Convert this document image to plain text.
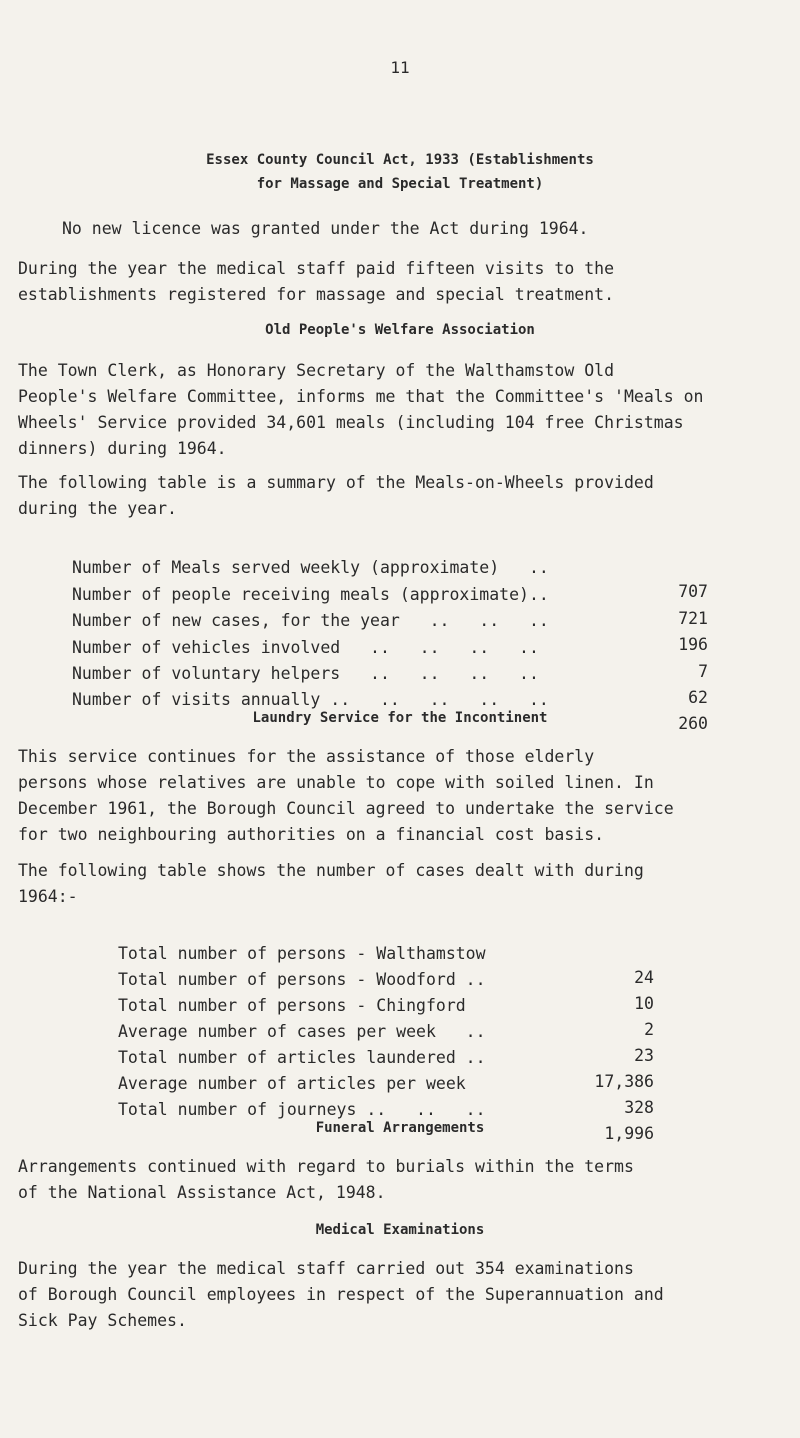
11
Essex County Council Act, 1933 (Establishments
for Massage and Special Treatment)
No new licence was granted under the Act during 1964.
During the year the medical staff paid fifteen visits to the
establishments registered for massage and special treatment.
Old People's Welfare Association
The Town Clerk, as Honorary Secretary of the Walthamstow Old
People's Welfare Committee, informs me that the Committee's 'Meals on
Wheels' Service provided 34,601 meals (including 104 free Christmas
dinners) during 1964.
The following table is a summary of the Meals-on-Wheels provided
during the year.

Number of Meals served weekly (approximate)   ..

707

Number of people receiving meals (approximate)..

721

Number of new cases, for the year   ..   ..   ..

196

Number of vehicles involved   ..   ..   ..   ..

7

Number of voluntary helpers   ..   ..   ..   ..

62

Number of visits annually ..   ..   ..   ..   ..

260

Laundry Service for the Incontinent
This service continues for the assistance of those elderly
persons whose relatives are unable to cope with soiled linen. In
December 1961, the Borough Council agreed to undertake the service
for two neighbouring authorities on a financial cost basis.
The following table shows the number of cases dealt with during
1964:-

Total number of persons - Walthamstow

24

Total number of persons - Woodford ..

10

Total number of persons - Chingford

2

Average number of cases per week   ..

23

Total number of articles laundered ..

17,386

Average number of articles per week

328

Total number of journeys ..   ..   ..

1,996

Funeral Arrangements
Arrangements continued with regard to burials within the terms
of the National Assistance Act, 1948.
Medical Examinations
During the year the medical staff carried out 354 examinations
of Borough Council employees in respect of the Superannuation and
Sick Pay Schemes.
